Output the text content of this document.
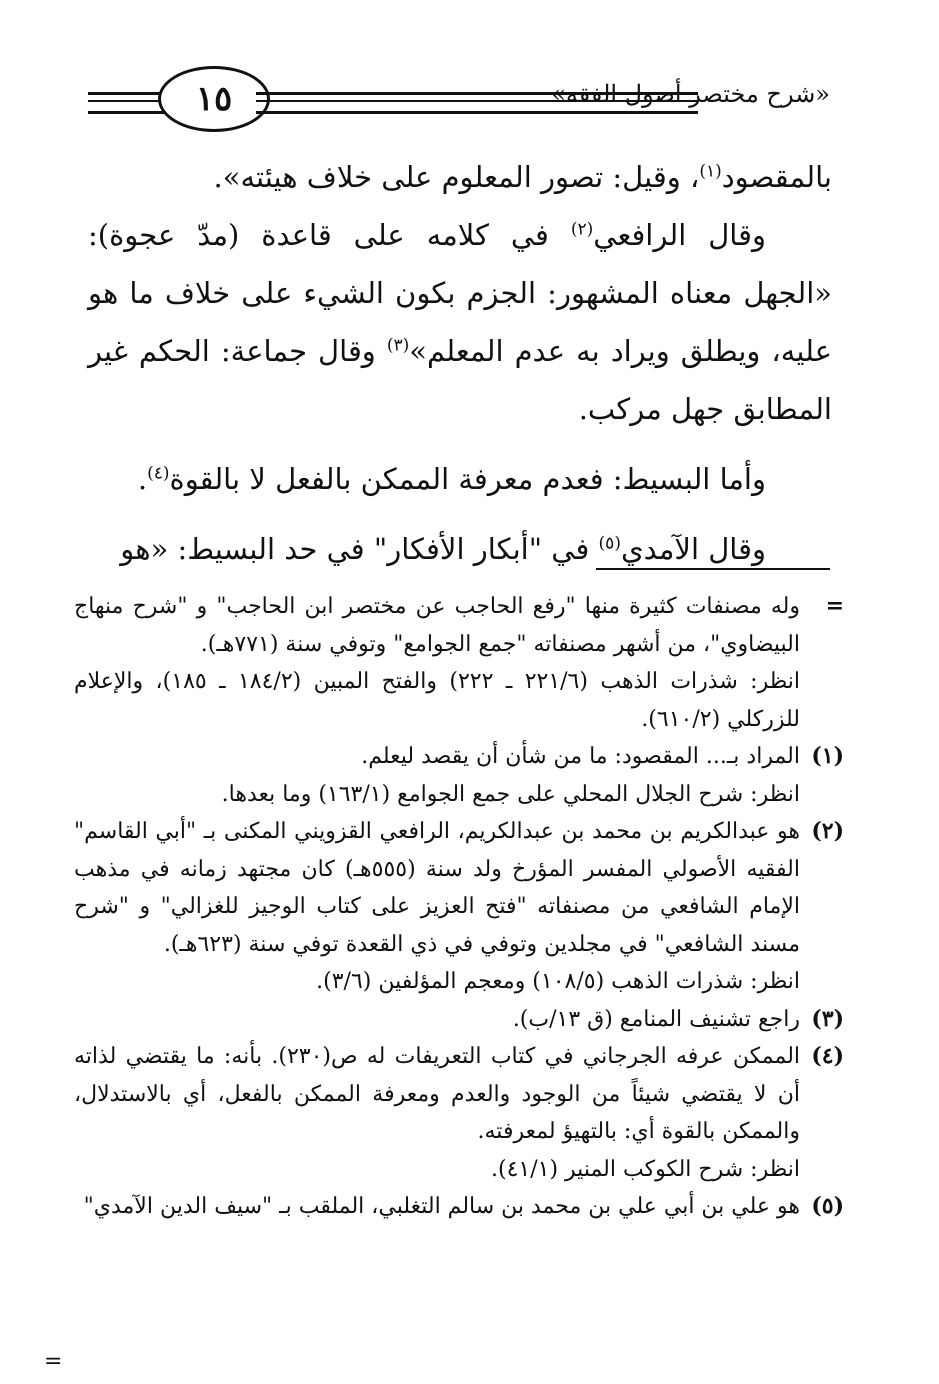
١٥	«شرح مختصر أصول الفقه»

بالمقصود$^{(١)}$، وقيل: تصور المعلوم على خلاف هيئته».

وقال الرافعي$^{(٢)}$ في كلامه على قاعدة (مدّ عجوة): «الجهل معناه المشهور: الجزم بكون الشيء على خلاف ما هو عليه، ويطلق ويراد به عدم المعلم»$^{(٣)}$ وقال جماعة: الحكم غير المطابق جهل مركب.

وأما البسيط: فعدم معرفة الممكن بالفعل لا بالقوة$^{(٤)}$.

وقال الآمدي$^{(٥)}$ في "أبكار الأفكار" في حد البسيط: «هو

=

وله مصنفات كثيرة منها "رفع الحاجب عن مختصر ابن الحاجب" و "شرح منهاج البيضاوي"، من أشهر مصنفاته "جمع الجوامع" وتوفي سنة (٧٧١هـ).

انظر: شذرات الذهب (٢٢١/٦ ـ ٢٢٢) والفتح المبين (١٨٤/٢ ـ ١٨٥)، والإعلام للزركلي (٦١٠/٢).

(١)

المراد بـ... المقصود: ما من شأن أن يقصد ليعلم.

انظر: شرح الجلال المحلي على جمع الجوامع (١٦٣/١) وما بعدها.

(٢)

هو عبدالكريم بن محمد بن عبدالكريم، الرافعي القزويني المكنى بـ "أبي القاسم" الفقيه الأصولي المفسر المؤرخ ولد سنة (٥٥٥هـ) كان مجتهد زمانه في مذهب الإمام الشافعي من مصنفاته "فتح العزيز على كتاب الوجيز للغزالي" و "شرح مسند الشافعي" في مجلدين وتوفي في ذي القعدة توفي سنة (٦٢٣هـ).

انظر: شذرات الذهب (١٠٨/٥) ومعجم المؤلفين (٣/٦).

(٣)

راجع تشنيف المنامع (ق ١٣/ب).

(٤)

الممكن عرفه الجرجاني في كتاب التعريفات له ص(٢٣٠). بأنه: ما يقتضي لذاته أن لا يقتضي شيئاً من الوجود والعدم ومعرفة الممكن بالفعل، أي بالاستدلال، والممكن بالقوة أي: بالتهيؤ لمعرفته.

انظر: شرح الكوكب المنير (٤١/١).

(٥)

هو علي بن أبي علي بن محمد بن سالم التغلبي، الملقب بـ "سيف الدين الآمدي"

=
